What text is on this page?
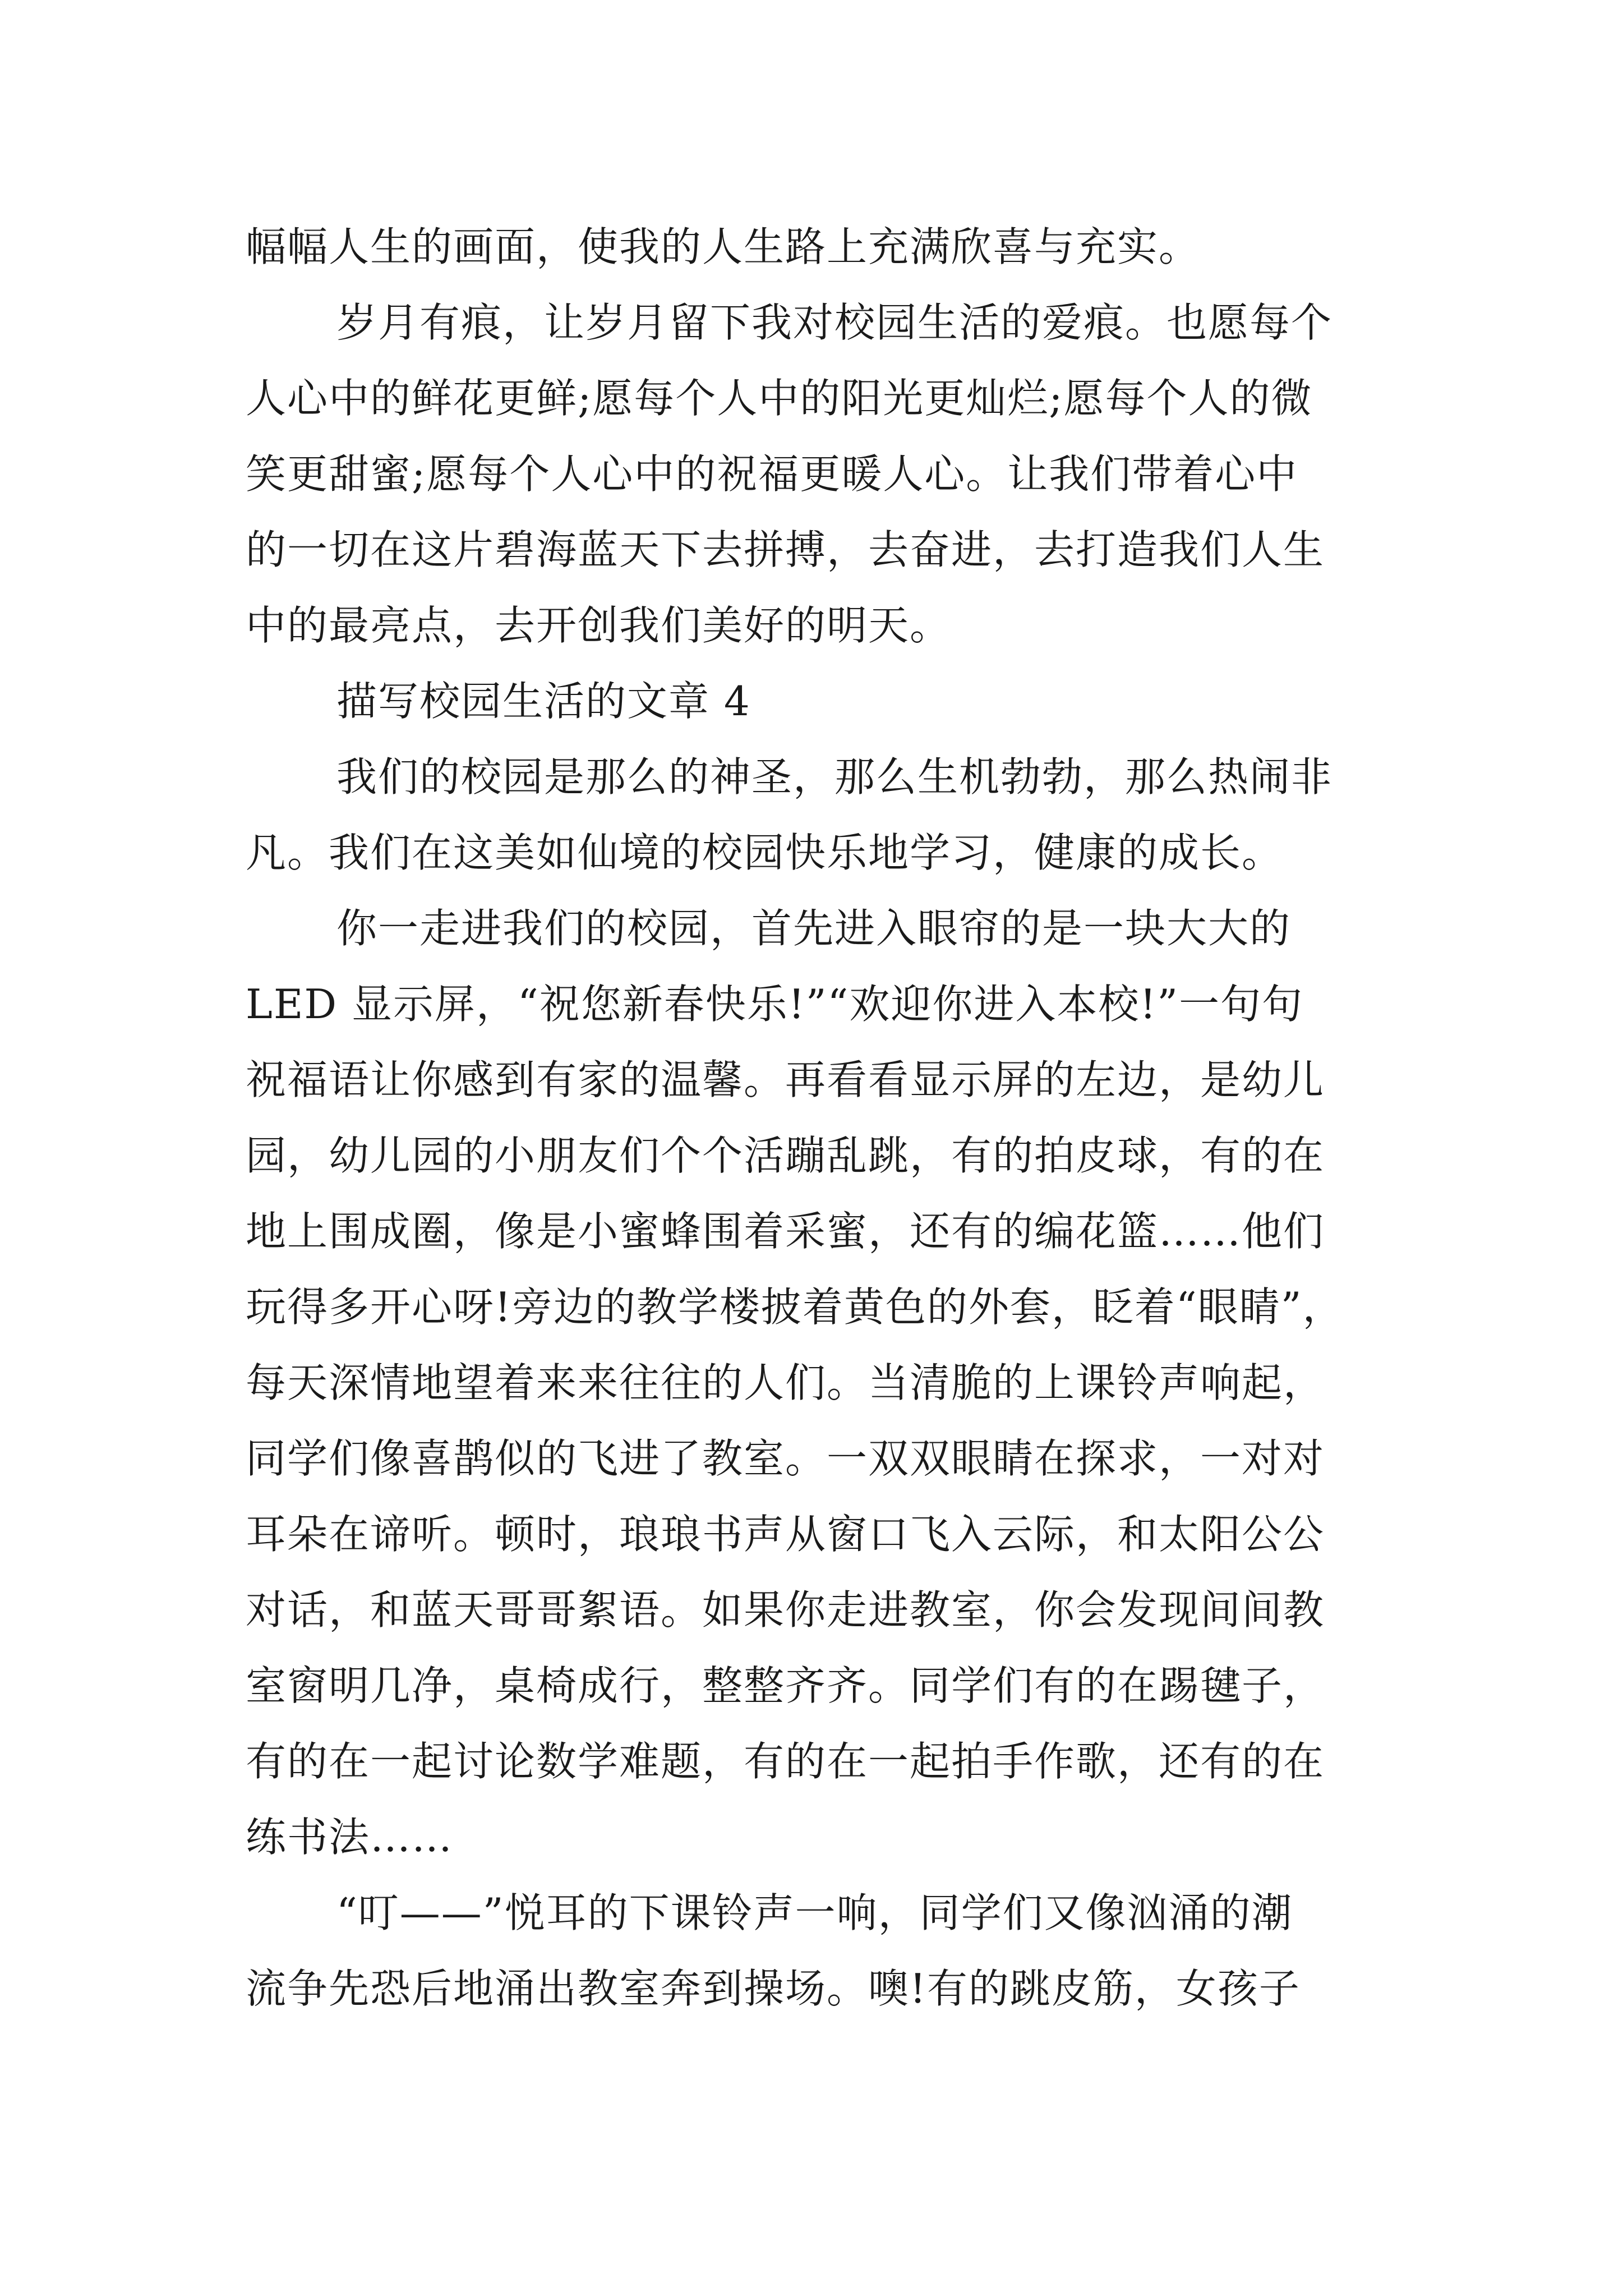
幅幅人生的画面，使我的人生路上充满欣喜与充实。

岁月有痕，让岁月留下我对校园生活的爱痕。也愿每个

人心中的鲜花更鲜;愿每个人中的阳光更灿烂;愿每个人的微

笑更甜蜜;愿每个人心中的祝福更暖人心。让我们带着心中

的一切在这片碧海蓝天下去拼搏，去奋进，去打造我们人生

中的最亮点，去开创我们美好的明天。

描写校园生活的文章 4

我们的校园是那么的神圣，那么生机勃勃，那么热闹非

凡。我们在这美如仙境的校园快乐地学习，健康的成长。

你一走进我们的校园，首先进入眼帘的是一块大大的

LED 显示屏，“祝您新春快乐!”“欢迎你进入本校!”一句句

祝福语让你感到有家的温馨。再看看显示屏的左边，是幼儿

园，幼儿园的小朋友们个个活蹦乱跳，有的拍皮球，有的在

地上围成圈，像是小蜜蜂围着采蜜，还有的编花篮……他们

玩得多开心呀!旁边的教学楼披着黄色的外套，眨着“眼睛”，

每天深情地望着来来往往的人们。当清脆的上课铃声响起，

同学们像喜鹊似的飞进了教室。一双双眼睛在探求，一对对

耳朵在谛听。顿时，琅琅书声从窗口飞入云际，和太阳公公

对话，和蓝天哥哥絮语。如果你走进教室，你会发现间间教

室窗明几净，桌椅成行，整整齐齐。同学们有的在踢毽子，

有的在一起讨论数学难题，有的在一起拍手作歌，还有的在

练书法……

“叮——”悦耳的下课铃声一响，同学们又像汹涌的潮

流争先恐后地涌出教室奔到操场。噢!有的跳皮筋，女孩子
